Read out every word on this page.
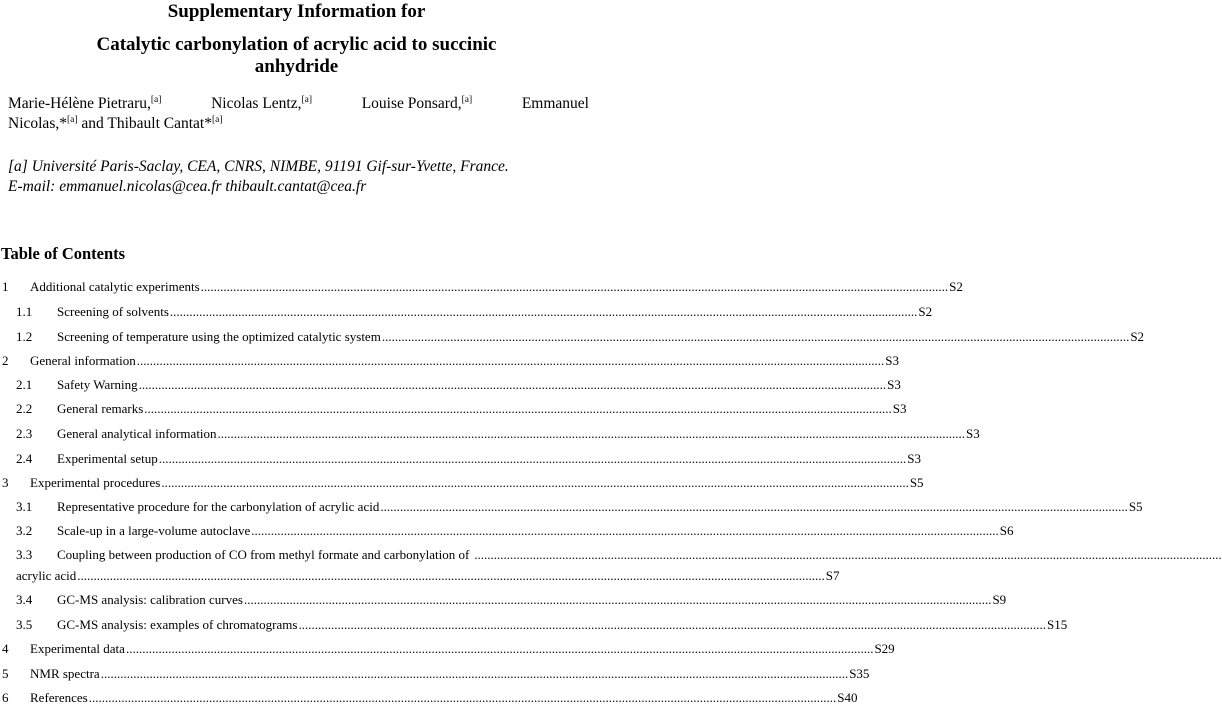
Supplementary Information for
Catalytic carbonylation of acrylic acid to succinic
anhydride
Marie-Hélène Pietraru,[a]	Nicolas Lentz,[a]	Louise Ponsard,[a]	Emmanuel
Nicolas,*[a] and Thibault Cantat*[a]
[a] Université Paris-Saclay, CEA, CNRS, NIMBE, 91191 Gif-sur-Yvette, France.
E-mail: emmanuel.nicolas@cea.fr thibault.cantat@cea.fr
Table of Contents
1	Additional catalytic experiments .....	S2
1.1	Screening of solvents .....	S2
1.2	Screening of temperature using the optimized catalytic system .....	S2
2	General information .....	S3
2.1	Safety Warning .....	S3
2.2	General remarks .....	S3
2.3	General analytical information .....	S3
2.4	Experimental setup .....	S3
3	Experimental procedures .....	S5
3.1	Representative procedure for the carbonylation of acrylic acid .....	S5
3.2	Scale-up in a large-volume autoclave .....	S6
3.3	Coupling between production of CO from methyl formate and carbonylation of
.....
acrylic acid .....	S7
3.4	GC-MS analysis: calibration curves .....	S9
3.5	GC-MS analysis: examples of chromatograms .....	S15
4	Experimental data .....	S29
5	NMR spectra .....	S35
6	References .....	S40
